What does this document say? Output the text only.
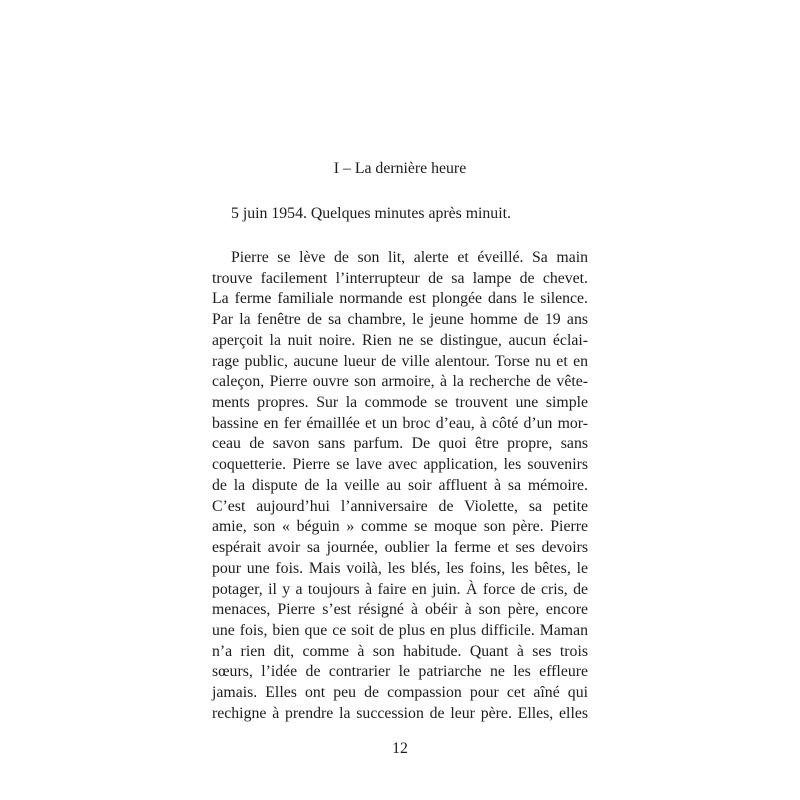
I – La dernière heure
5 juin 1954. Quelques minutes après minuit.
Pierre se lève de son lit, alerte et éveillé. Sa main
trouve facilement l’interrupteur de sa lampe de chevet.
La ferme familiale normande est plongée dans le silence.
Par la fenêtre de sa chambre, le jeune homme de 19 ans
aperçoit la nuit noire. Rien ne se distingue, aucun éclai-
rage public, aucune lueur de ville alentour. Torse nu et en
caleçon, Pierre ouvre son armoire, à la recherche de vête-
ments propres. Sur la commode se trouvent une simple
bassine en fer émaillée et un broc d’eau, à côté d’un mor-
ceau de savon sans parfum. De quoi être propre, sans
coquetterie. Pierre se lave avec application, les souvenirs
de la dispute de la veille au soir affluent à sa mémoire.
C’est aujourd’hui l’anniversaire de Violette, sa petite
amie, son « béguin » comme se moque son père. Pierre
espérait avoir sa journée, oublier la ferme et ses devoirs
pour une fois. Mais voilà, les blés, les foins, les bêtes, le
potager, il y a toujours à faire en juin. À force de cris, de
menaces, Pierre s’est résigné à obéir à son père, encore
une fois, bien que ce soit de plus en plus difficile. Maman
n’a rien dit, comme à son habitude. Quant à ses trois
sœurs, l’idée de contrarier le patriarche ne les effleure
jamais. Elles ont peu de compassion pour cet aîné qui
rechigne à prendre la succession de leur père. Elles, elles
12
